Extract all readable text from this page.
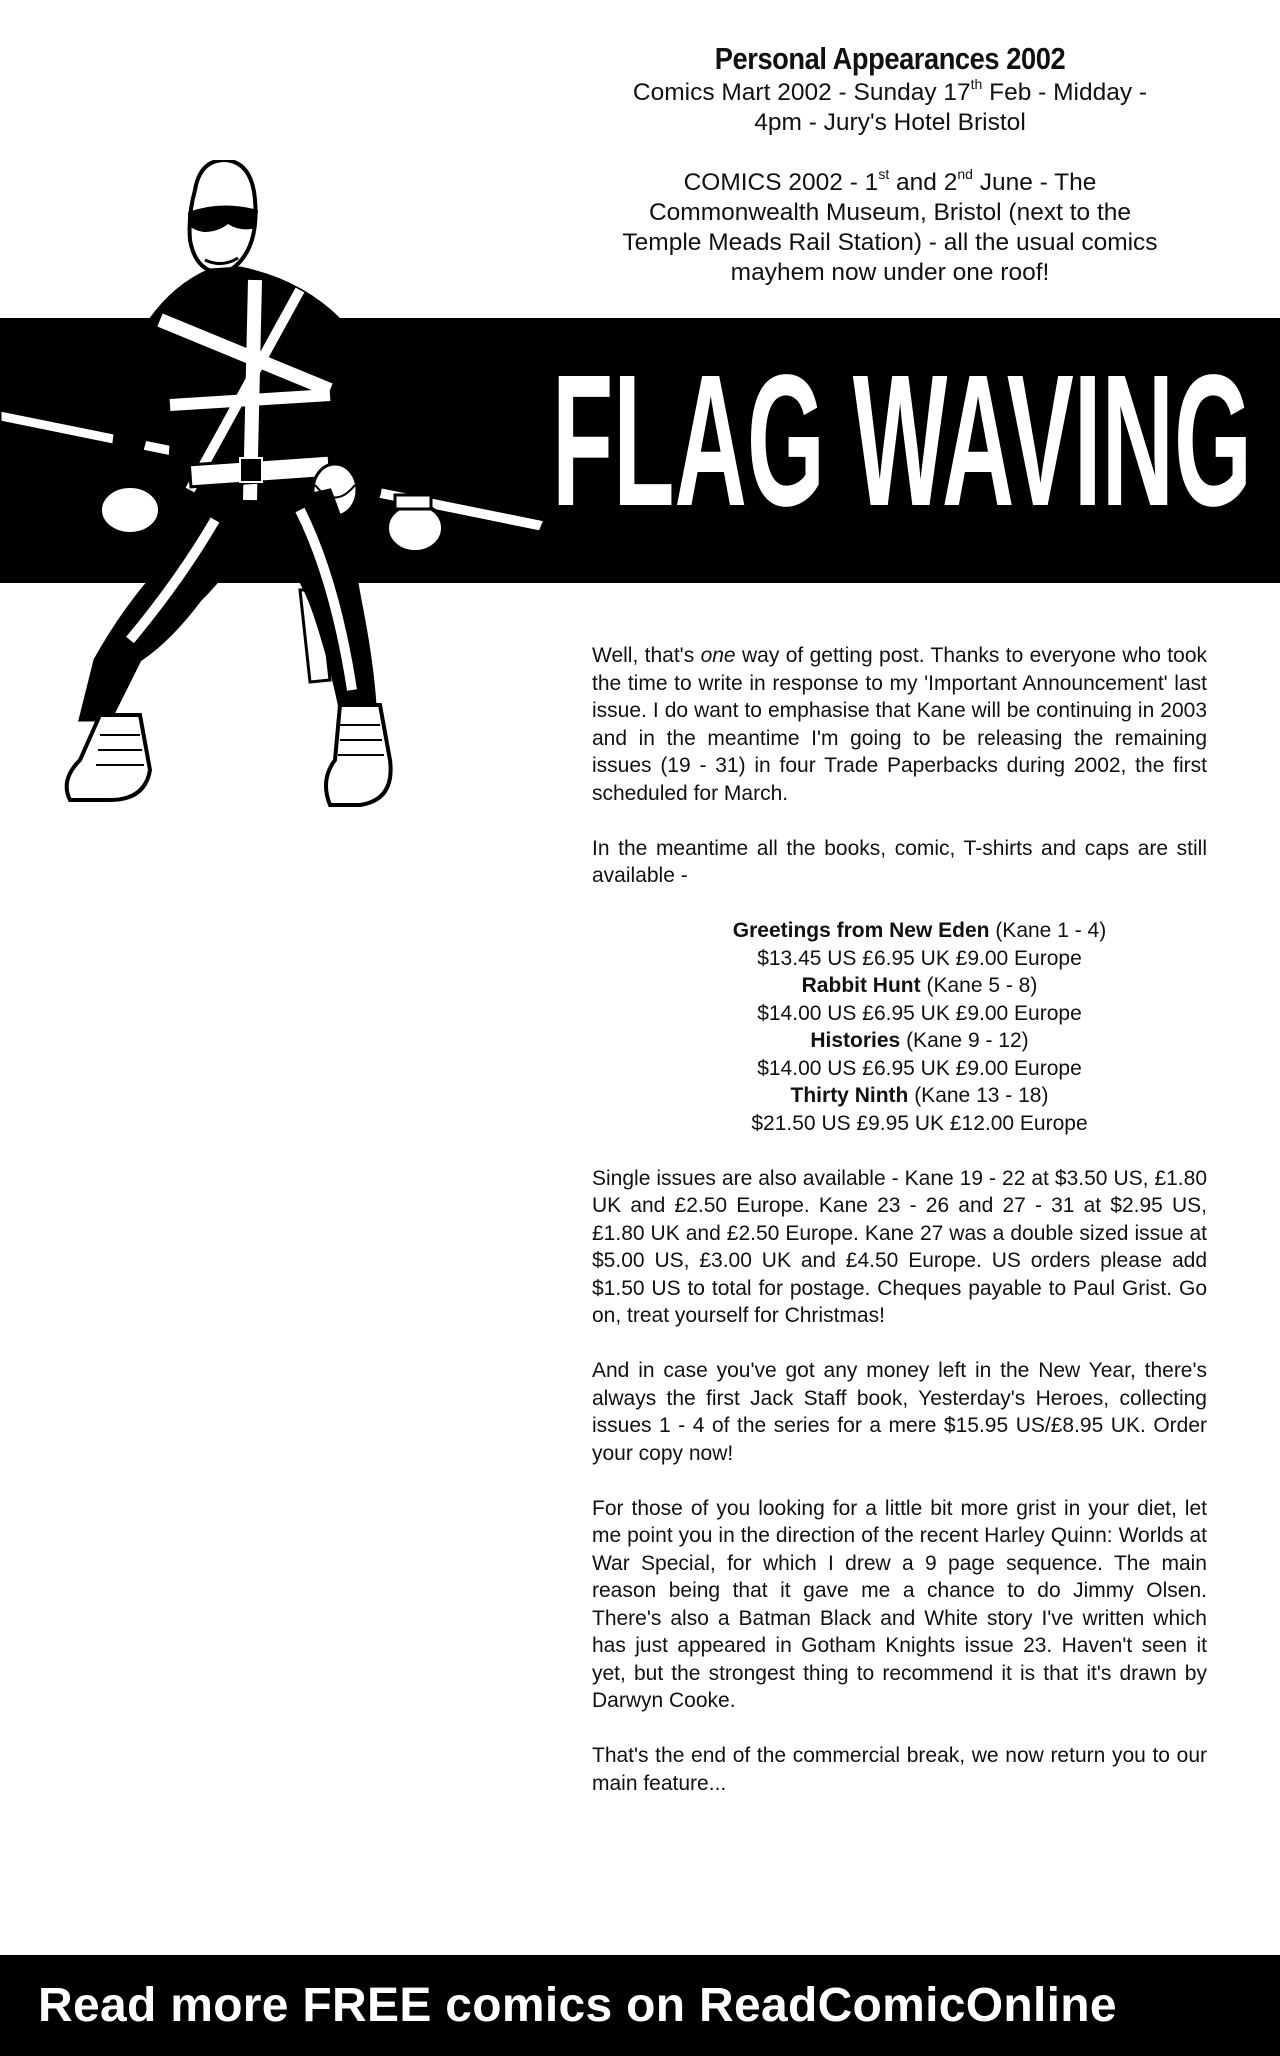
Personal Appearances 2002

Comics Mart 2002 - Sunday 17th Feb - Midday -

4pm - Jury's Hotel Bristol

COMICS 2002 - 1st and 2nd June - The

Commonwealth Museum, Bristol (next to the

Temple Meads Rail Station) - all the usual comics

mayhem now under one roof!

FLAG WAVING

Well, that's one way of getting post. Thanks to everyone who took the time to write in response to my 'Important Announcement' last issue. I do want to emphasise that Kane will be continuing in 2003 and in the meantime I'm going to be releasing the remaining issues (19 - 31) in four Trade Paperbacks during 2002, the first scheduled for March.

In the meantime all the books, comic, T-shirts and caps are still available -

Greetings from New Eden (Kane 1 - 4)
$13.45 US £6.95 UK £9.00 Europe
Rabbit Hunt (Kane 5 - 8)
$14.00 US £6.95 UK £9.00 Europe
Histories (Kane 9 - 12)
$14.00 US £6.95 UK £9.00 Europe
Thirty Ninth (Kane 13 - 18)
$21.50 US £9.95 UK £12.00 Europe

Single issues are also available - Kane 19 - 22 at $3.50 US, £1.80 UK and £2.50 Europe. Kane 23 - 26 and 27 - 31 at $2.95 US, £1.80 UK and £2.50 Europe. Kane 27 was a double sized issue at $5.00 US, £3.00 UK and £4.50 Europe. US orders please add $1.50 US to total for postage. Cheques payable to Paul Grist. Go on, treat yourself for Christmas!

And in case you've got any money left in the New Year, there's always the first Jack Staff book, Yesterday's Heroes, collecting issues 1 - 4 of the series for a mere $15.95 US/£8.95 UK. Order your copy now!

For those of you looking for a little bit more grist in your diet, let me point you in the direction of the recent Harley Quinn: Worlds at War Special, for which I drew a 9 page sequence. The main reason being that it gave me a chance to do Jimmy Olsen. There's also a Batman Black and White story I've written which has just appeared in Gotham Knights issue 23. Haven't seen it yet, but the strongest thing to recommend it is that it's drawn by Darwyn Cooke.

That's the end of the commercial break, we now return you to our main feature...

Read more FREE comics on ReadComicOnline
